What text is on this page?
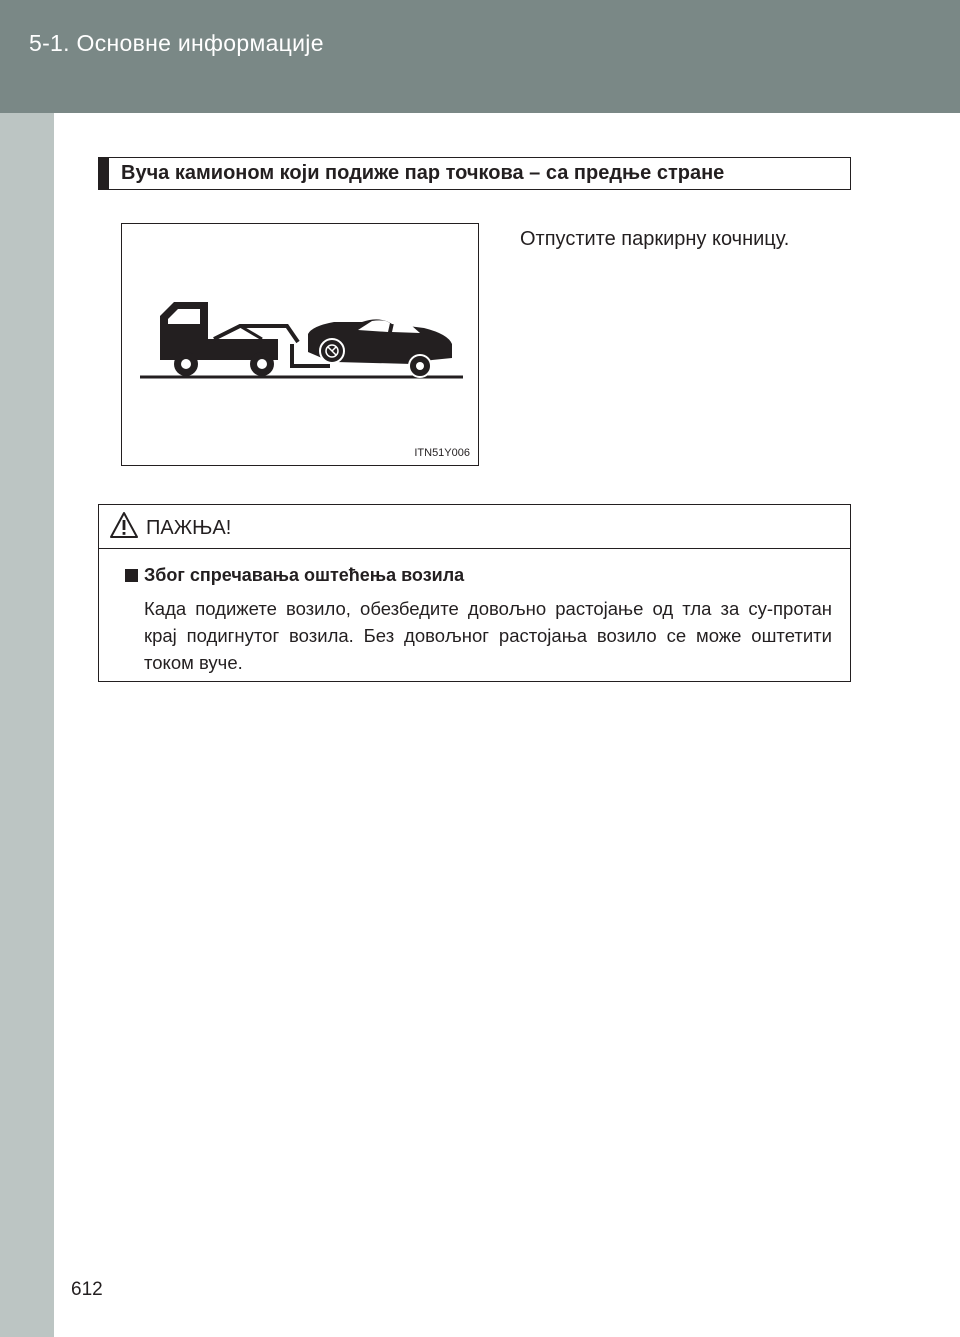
5-1. Основне информације
Вуча камионом који подиже пар точкова – са предње стране
ITN51Y006
Отпустите паркирну кочницу.
ПАЖЊА!
Због спречавања оштећења возила
Када подижете возило, обезбедите довољно растојање од тла за су-протан крај подигнутог возила. Без довољног растојања возило се може оштетити током вуче.
612
